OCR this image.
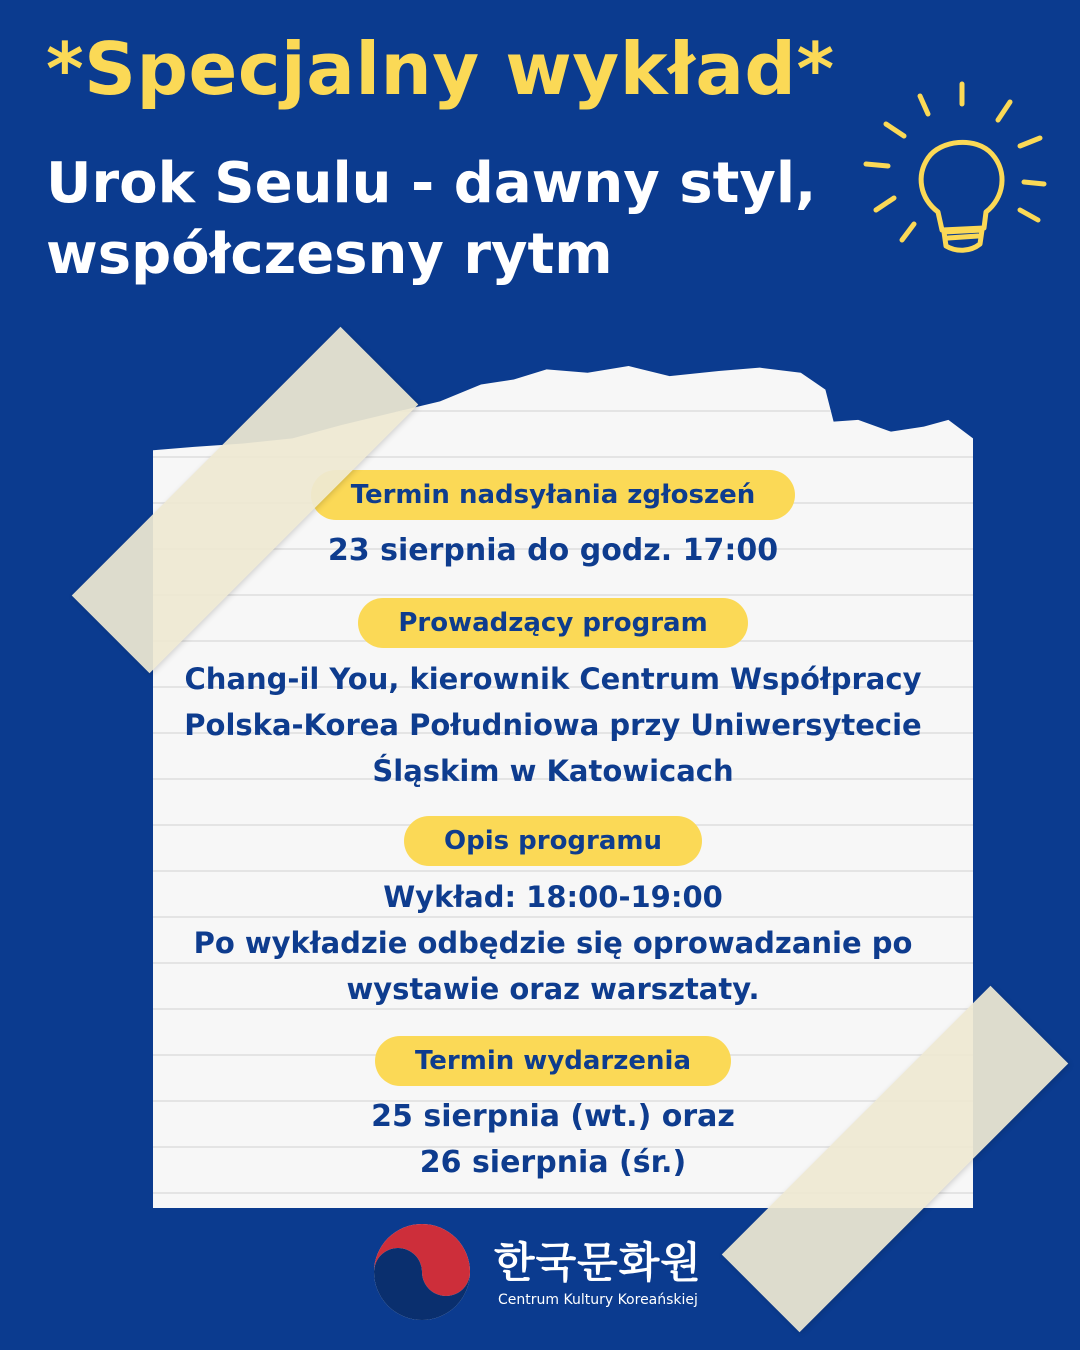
*Specjalny wykład*
Urok Seulu - dawny styl,
współczesny rytm
Termin nadsyłania zgłoszeń
23 sierpnia do godz. 17:00
Prowadzący program
Chang-il You, kierownik Centrum Współpracy
Polska-Korea Południowa przy Uniwersytecie
Śląskim w Katowicach
Opis programu
Wykład: 18:00-19:00
Po wykładzie odbędzie się oprowadzanie po
wystawie oraz warsztaty.
Termin wydarzenia
25 sierpnia (wt.) oraz
26 sierpnia (śr.)
한국문화원
Centrum Kultury Koreańskiej
